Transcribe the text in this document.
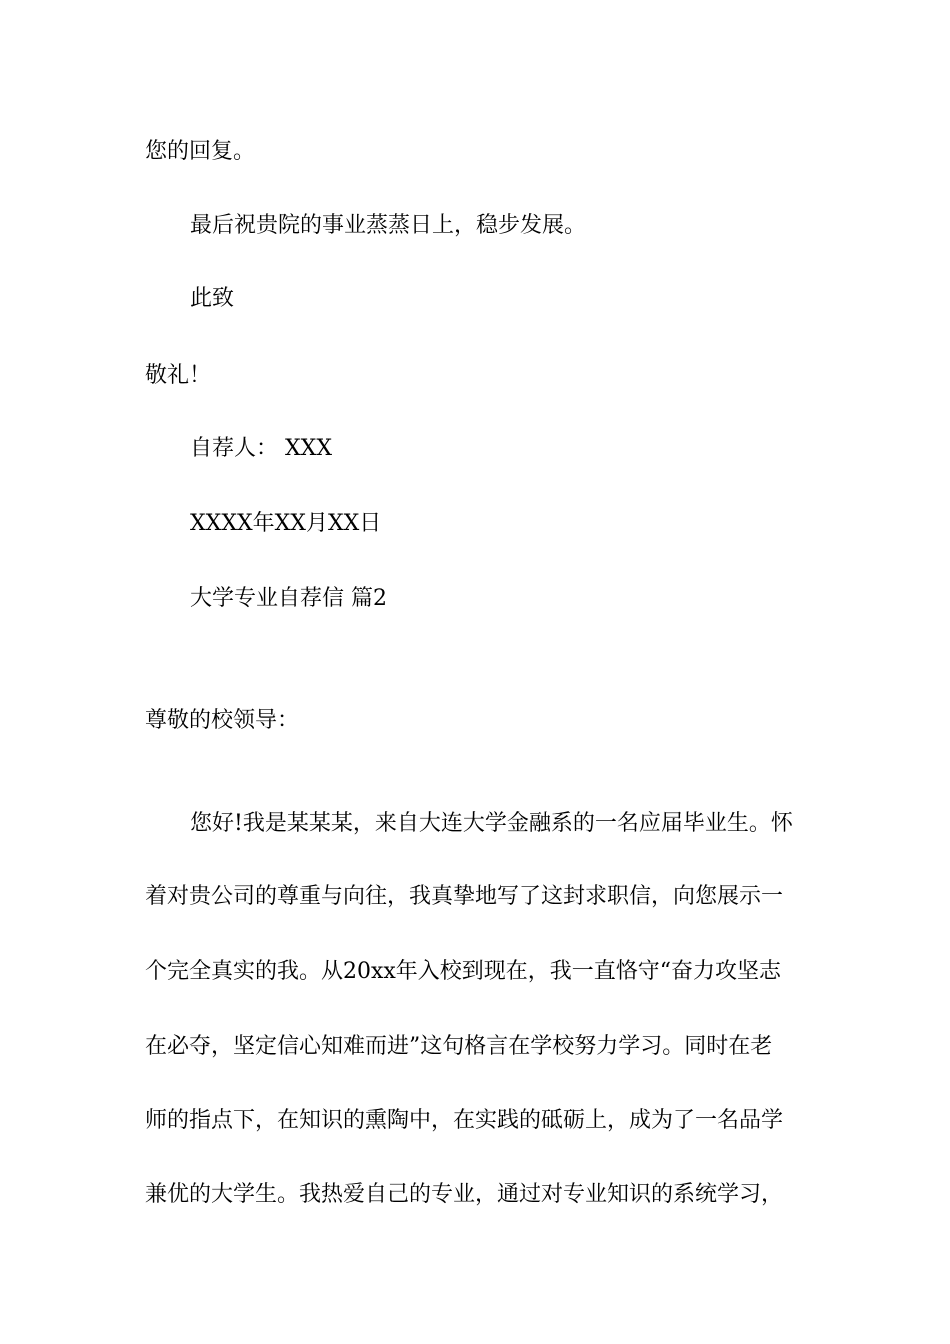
您的回复。
最后祝贵院的事业蒸蒸日上，稳步发展。
此致
敬礼！
自荐人： XXX
XXXX年XX月XX日
大学专业自荐信 篇2
尊敬的校领导：
您好!我是某某某，来自大连大学金融系的一名应届毕业生。怀
着对贵公司的尊重与向往，我真挚地写了这封求职信，向您展示一
个完全真实的我。从20xx年入校到现在，我一直恪守“奋力攻坚志
在必夺，坚定信心知难而进”这句格言在学校努力学习。同时在老
师的指点下，在知识的熏陶中，在实践的砥砺上，成为了一名品学
兼优的大学生。我热爱自己的专业，通过对专业知识的系统学习，
